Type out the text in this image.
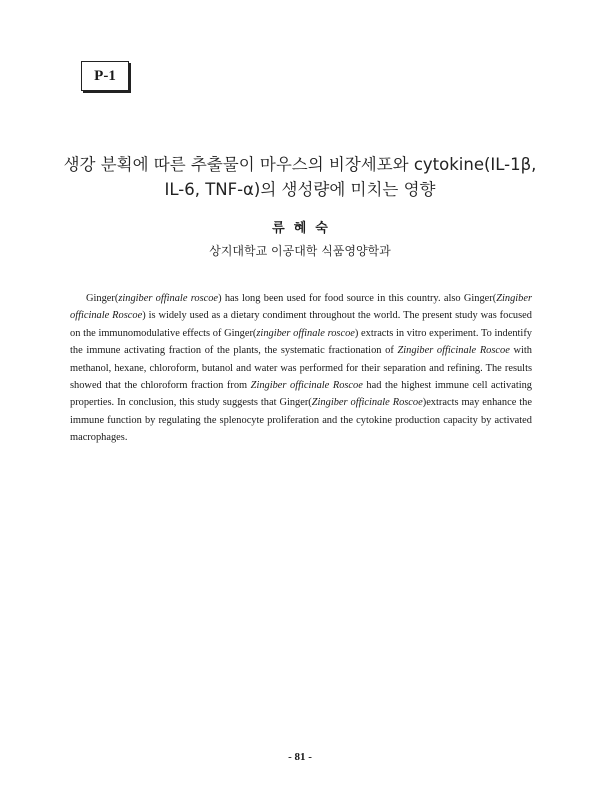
P-1
생강 분획에 따른 추출물이 마우스의 비장세포와 cytokine(IL-1β,
IL-6, TNF-α)의 생성량에 미치는 영향
류혜숙
상지대학교 이공대학 식품영양학과

Ginger(zingiber offinale roscoe) has long been used for food source in this country. also Ginger(Zingiber officinale Roscoe) is widely used as a dietary condiment throughout the world. The present study was focused on the immunomodulative effects of Ginger(zingiber offinale roscoe) extracts in vitro experiment. To indentify the immune activating fraction of the plants, the systematic fractionation of Zingiber officinale Roscoe with methanol, hexane, chloroform, butanol and water was performed for their separation and refining. The results showed that the chloroform fraction from Zingiber officinale Roscoe had the highest immune cell activating properties. In conclusion, this study suggests that Ginger(Zingiber officinale Roscoe)extracts may enhance the immune function by regulating the splenocyte proliferation and the cytokine production capacity by activated macrophages.

- 81 -
